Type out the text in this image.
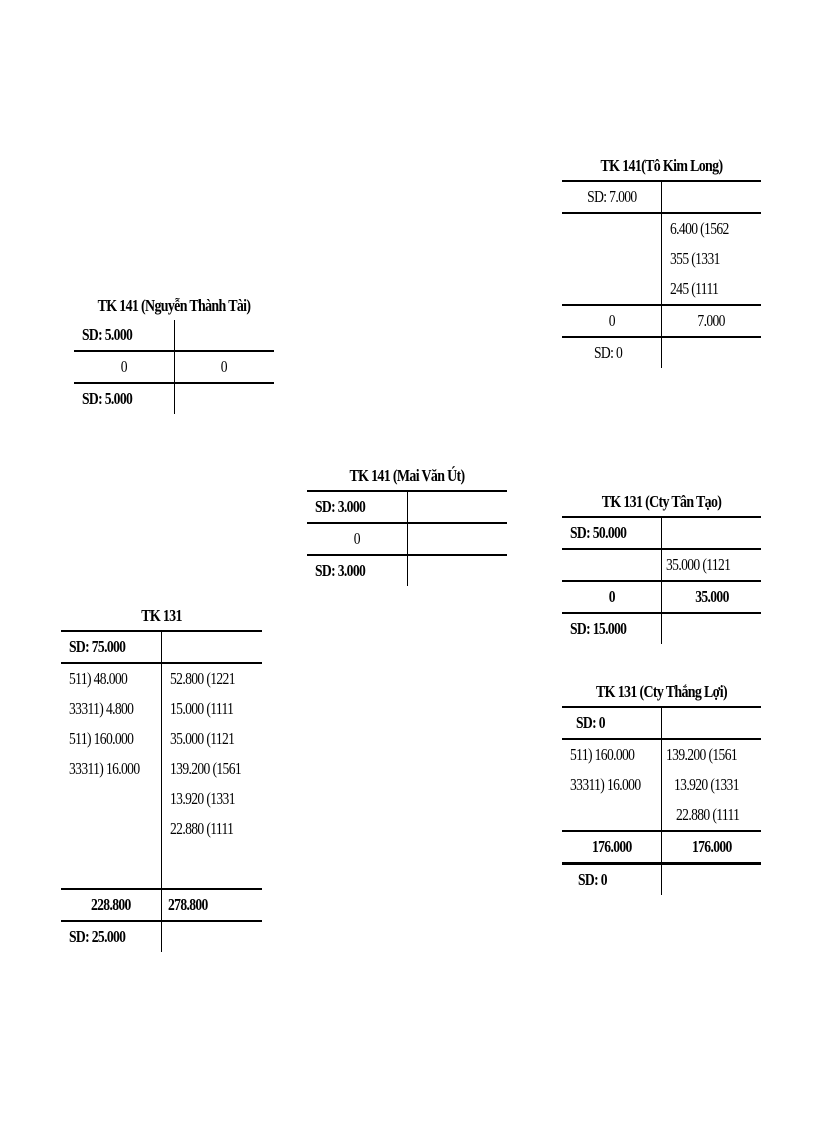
TK 141 (Nguyễn Thành Tài)
SD: 5.000	
0	0
SD: 5.000	
TK 141(Tô Kim Long)
SD: 7.000	
	6.400 (1562
	355 (1331
	245 (1111
0	7.000
SD: 0	
TK 141 (Mai Văn Út)
SD: 3.000	
0	
SD: 3.000	
TK 131 (Cty Tân Tạo)
SD: 50.000	
	35.000 (1121
0	35.000
SD: 15.000	
TK 131
SD: 75.000	
511) 48.000	52.800 (1221
33311) 4.800	15.000 (1111
511) 160.000	35.000 (1121
33311) 16.000	139.200 (1561
	13.920 (1331
	22.880 (1111

228.800	278.800
SD: 25.000	
TK 131 (Cty Thắng Lợi)
SD: 0	
511) 160.000	139.200 (1561
33311) 16.000	13.920 (1331
	22.880 (1111
176.000	176.000
SD: 0	
